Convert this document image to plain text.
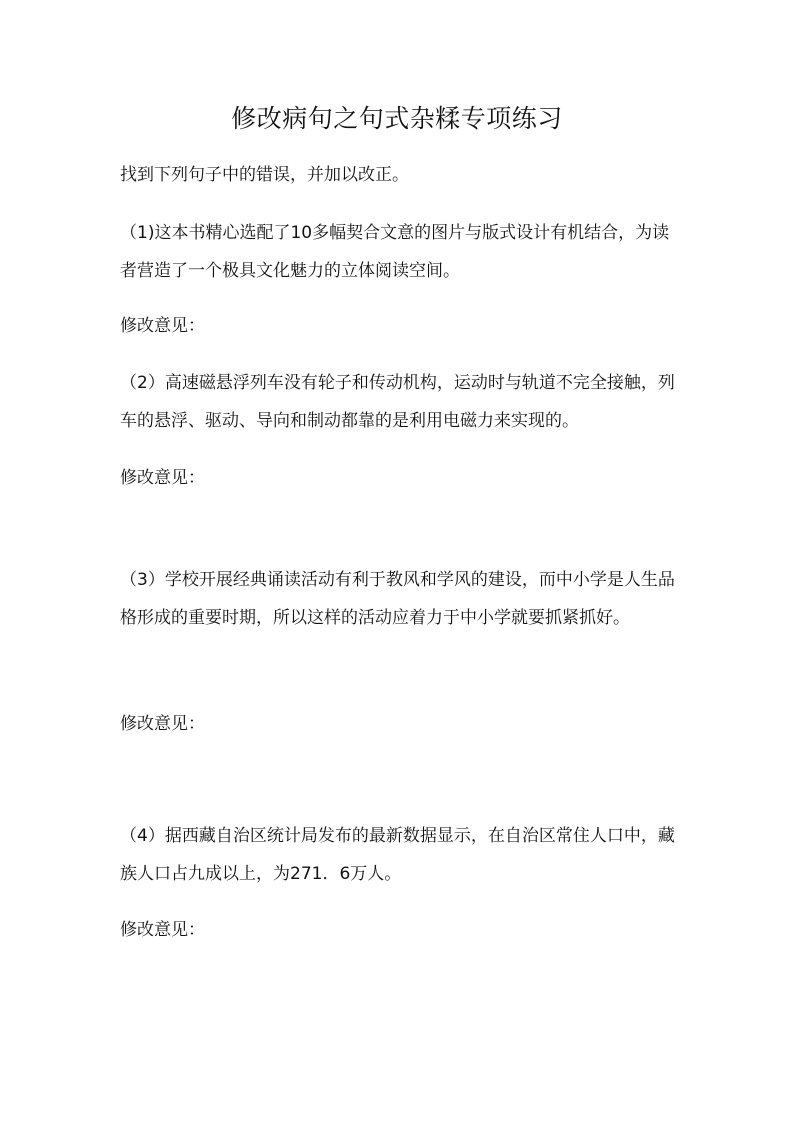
修改病句之句式杂糅专项练习

找到下列句子中的错误，并加以改正。

（1)这本书精心选配了10多幅契合文意的图片与版式设计有机结合，为读者营造了一个极具文化魅力的立体阅读空间。

修改意见：

（2）高速磁悬浮列车没有轮子和传动机构，运动时与轨道不完全接触，列车的悬浮、驱动、导向和制动都靠的是利用电磁力来实现的。

修改意见：

（3）学校开展经典诵读活动有利于教风和学风的建设，而中小学是人生品格形成的重要时期，所以这样的活动应着力于中小学就要抓紧抓好。

修改意见：

（4）据西藏自治区统计局发布的最新数据显示，在自治区常住人口中，藏族人口占九成以上，为271．6万人。

修改意见：
